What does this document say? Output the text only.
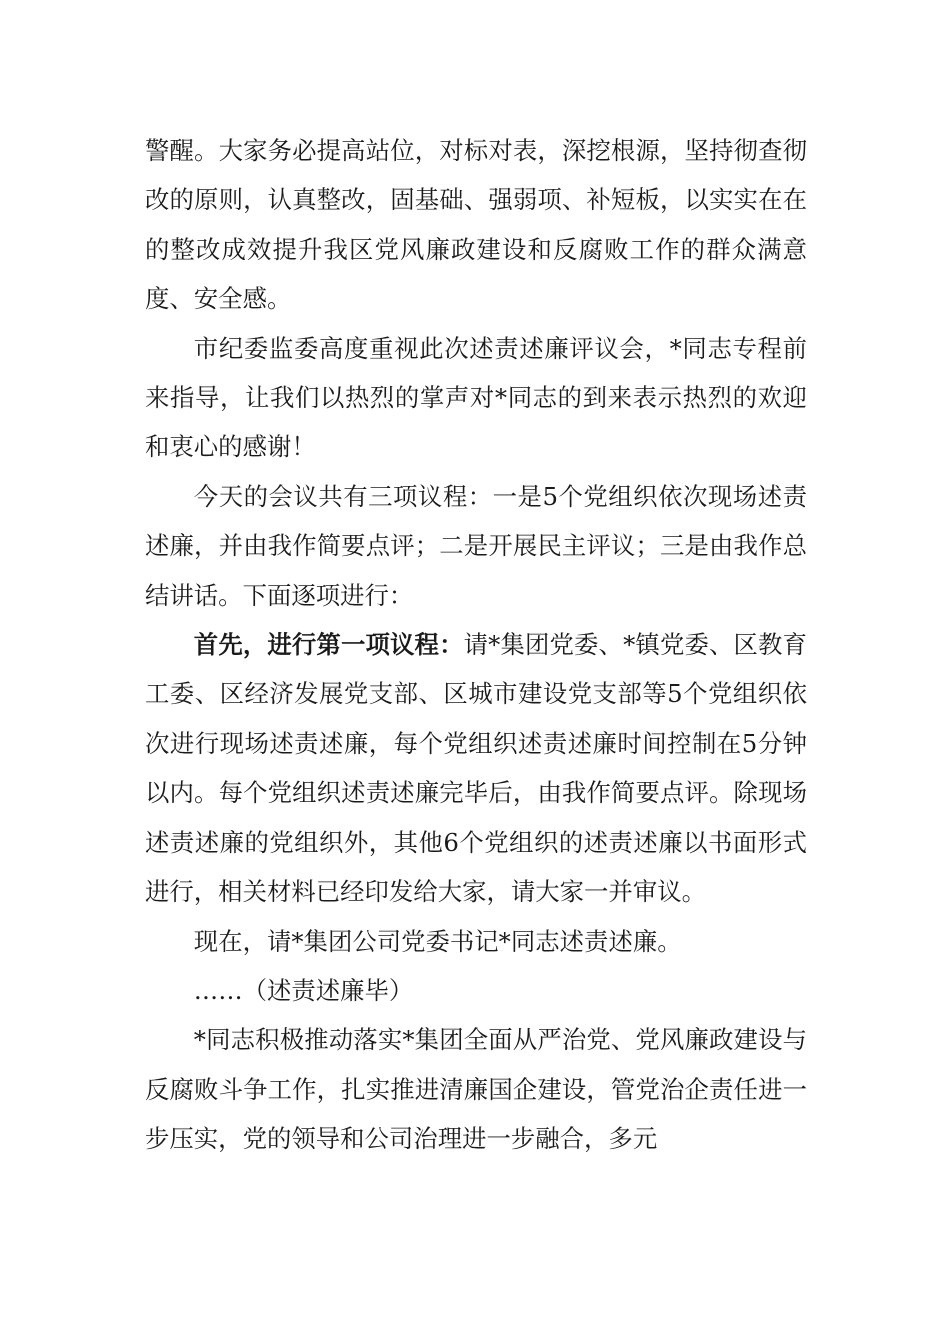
警醒。大家务必提高站位，对标对表，深挖根源，坚持彻查彻改的原则，认真整改，固基础、强弱项、补短板，以实实在在的整改成效提升我区党风廉政建设和反腐败工作的群众满意度、安全感。

市纪委监委高度重视此次述责述廉评议会，*同志专程前来指导，让我们以热烈的掌声对*同志的到来表示热烈的欢迎和衷心的感谢！

今天的会议共有三项议程：一是5个党组织依次现场述责述廉，并由我作简要点评；二是开展民主评议；三是由我作总结讲话。下面逐项进行：

首先，进行第一项议程：请*集团党委、*镇党委、区教育工委、区经济发展党支部、区城市建设党支部等5个党组织依次进行现场述责述廉，每个党组织述责述廉时间控制在5分钟以内。每个党组织述责述廉完毕后，由我作简要点评。除现场述责述廉的党组织外，其他6个党组织的述责述廉以书面形式进行，相关材料已经印发给大家，请大家一并审议。

现在，请*集团公司党委书记*同志述责述廉。

……（述责述廉毕）

*同志积极推动落实*集团全面从严治党、党风廉政建设与反腐败斗争工作，扎实推进清廉国企建设，管党治企责任进一步压实，党的领导和公司治理进一步融合，多元
